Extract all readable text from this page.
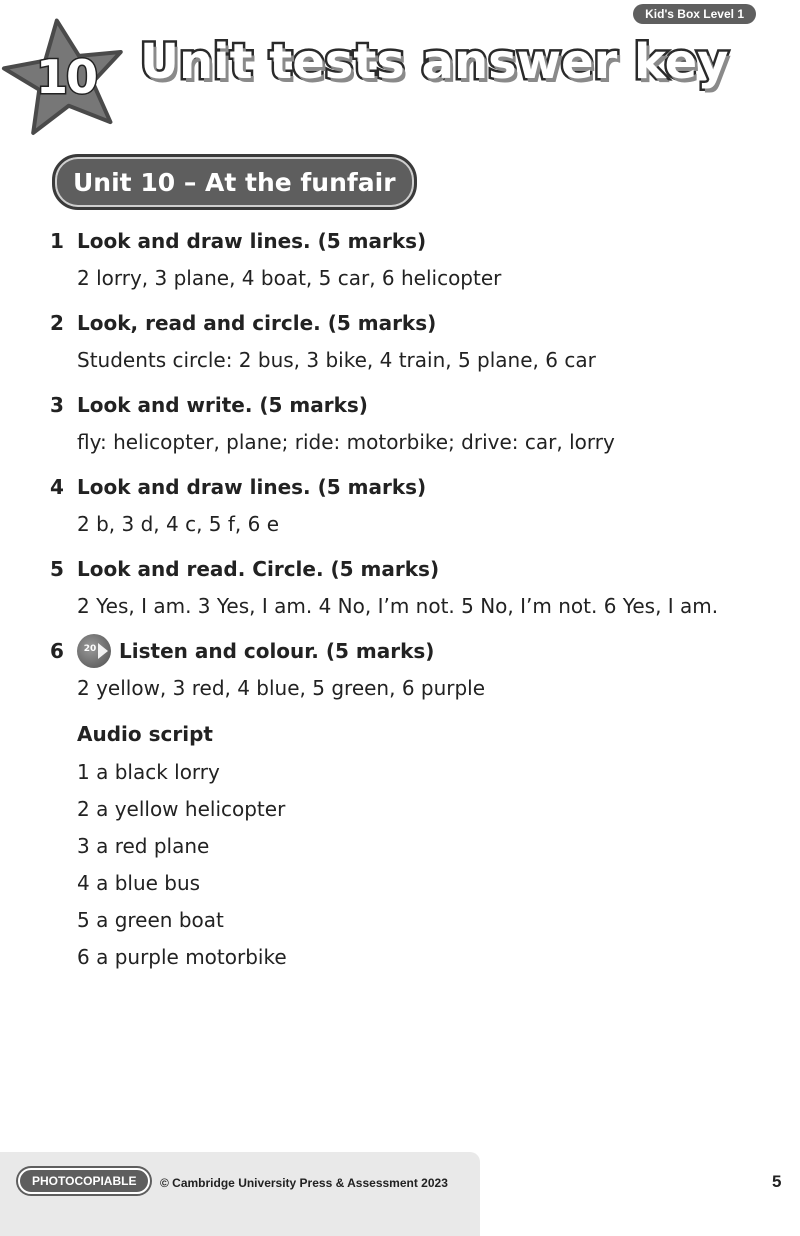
Kid's Box Level 1
10 Unit tests answer key
Unit 10 – At the funfair
1 Look and draw lines. (5 marks)
2 lorry, 3 plane, 4 boat, 5 car, 6 helicopter
2 Look, read and circle. (5 marks)
Students circle: 2 bus, 3 bike, 4 train, 5 plane, 6 car
3 Look and write. (5 marks)
fly: helicopter, plane; ride: motorbike; drive: car, lorry
4 Look and draw lines. (5 marks)
2 b, 3 d, 4 c, 5 f, 6 e
5 Look and read. Circle. (5 marks)
2 Yes, I am. 3 Yes, I am. 4 No, I’m not. 5 No, I’m not. 6 Yes, I am.
6	20	Listen and colour. (5 marks)
2 yellow, 3 red, 4 blue, 5 green, 6 purple
Audio script
1 a black lorry
2 a yellow helicopter
3 a red plane
4 a blue bus
5 a green boat
6 a purple motorbike
PHOTOCOPIABLE	© Cambridge University Press & Assessment 2023	5
